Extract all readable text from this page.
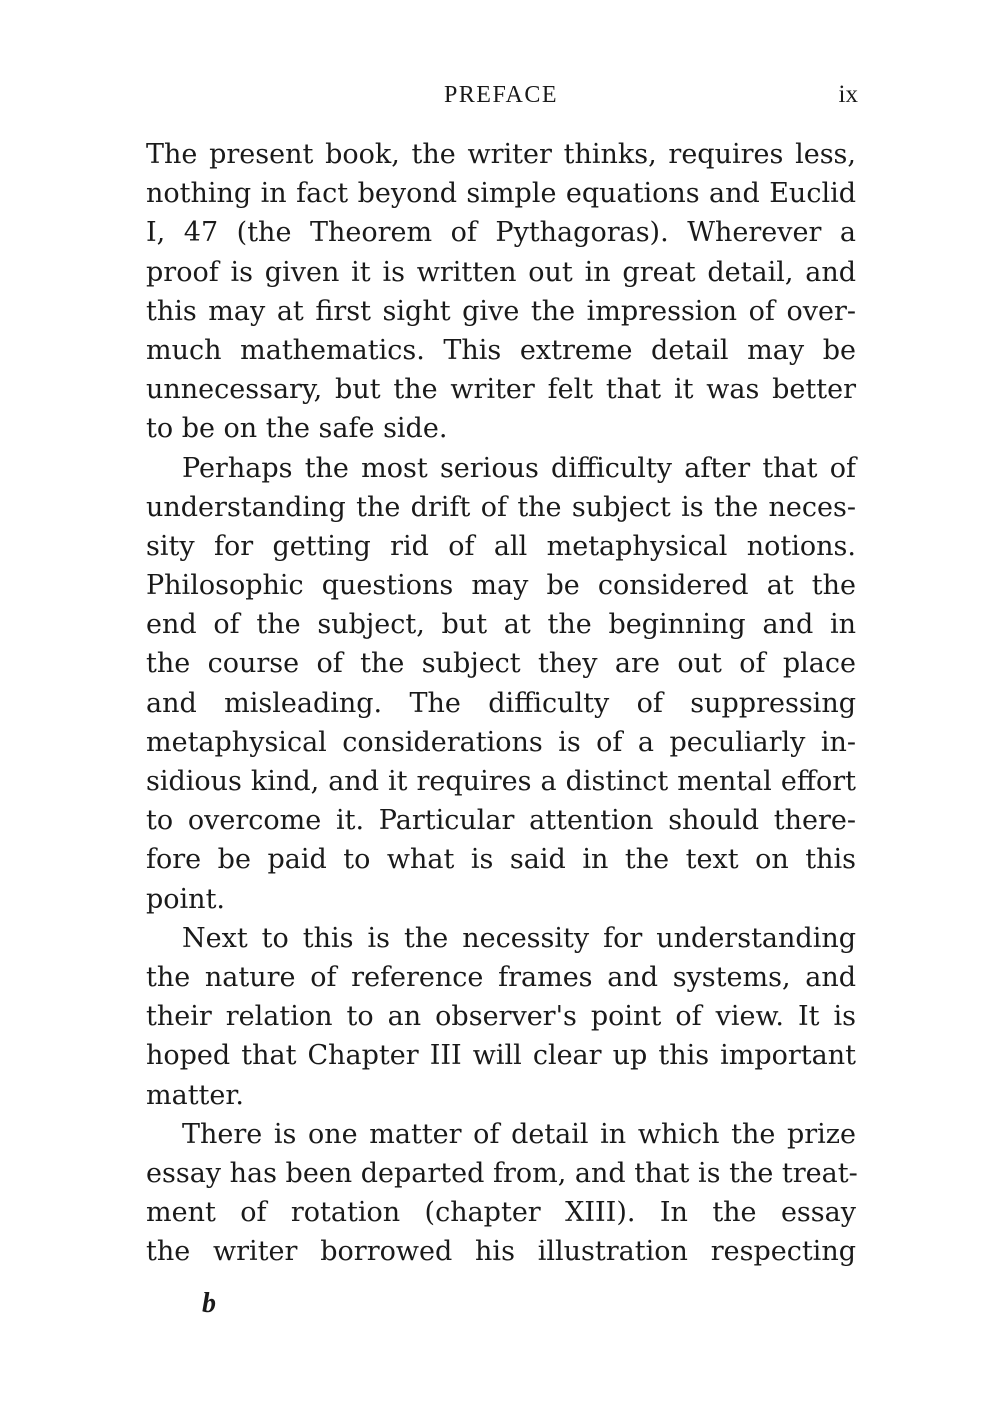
PREFACE	ix
The present book, the writer thinks, requires less,
nothing in fact beyond simple equations and Euclid
I, 47 (the Theorem of Pythagoras). Wherever a
proof is given it is written out in great detail, and
this may at first sight give the impression of over-
much mathematics. This extreme detail may be
unnecessary, but the writer felt that it was better
to be on the safe side.
Perhaps the most serious difficulty after that of
understanding the drift of the subject is the neces-
sity for getting rid of all metaphysical notions.
Philosophic questions may be considered at the
end of the subject, but at the beginning and in
the course of the subject they are out of place
and misleading. The difficulty of suppressing
metaphysical considerations is of a peculiarly in-
sidious kind, and it requires a distinct mental effort
to overcome it. Particular attention should there-
fore be paid to what is said in the text on this
point.
Next to this is the necessity for understanding
the nature of reference frames and systems, and
their relation to an observer's point of view. It is
hoped that Chapter III will clear up this important
matter.
There is one matter of detail in which the prize
essay has been departed from, and that is the treat-
ment of rotation (chapter XIII). In the essay
the writer borrowed his illustration respecting
b
